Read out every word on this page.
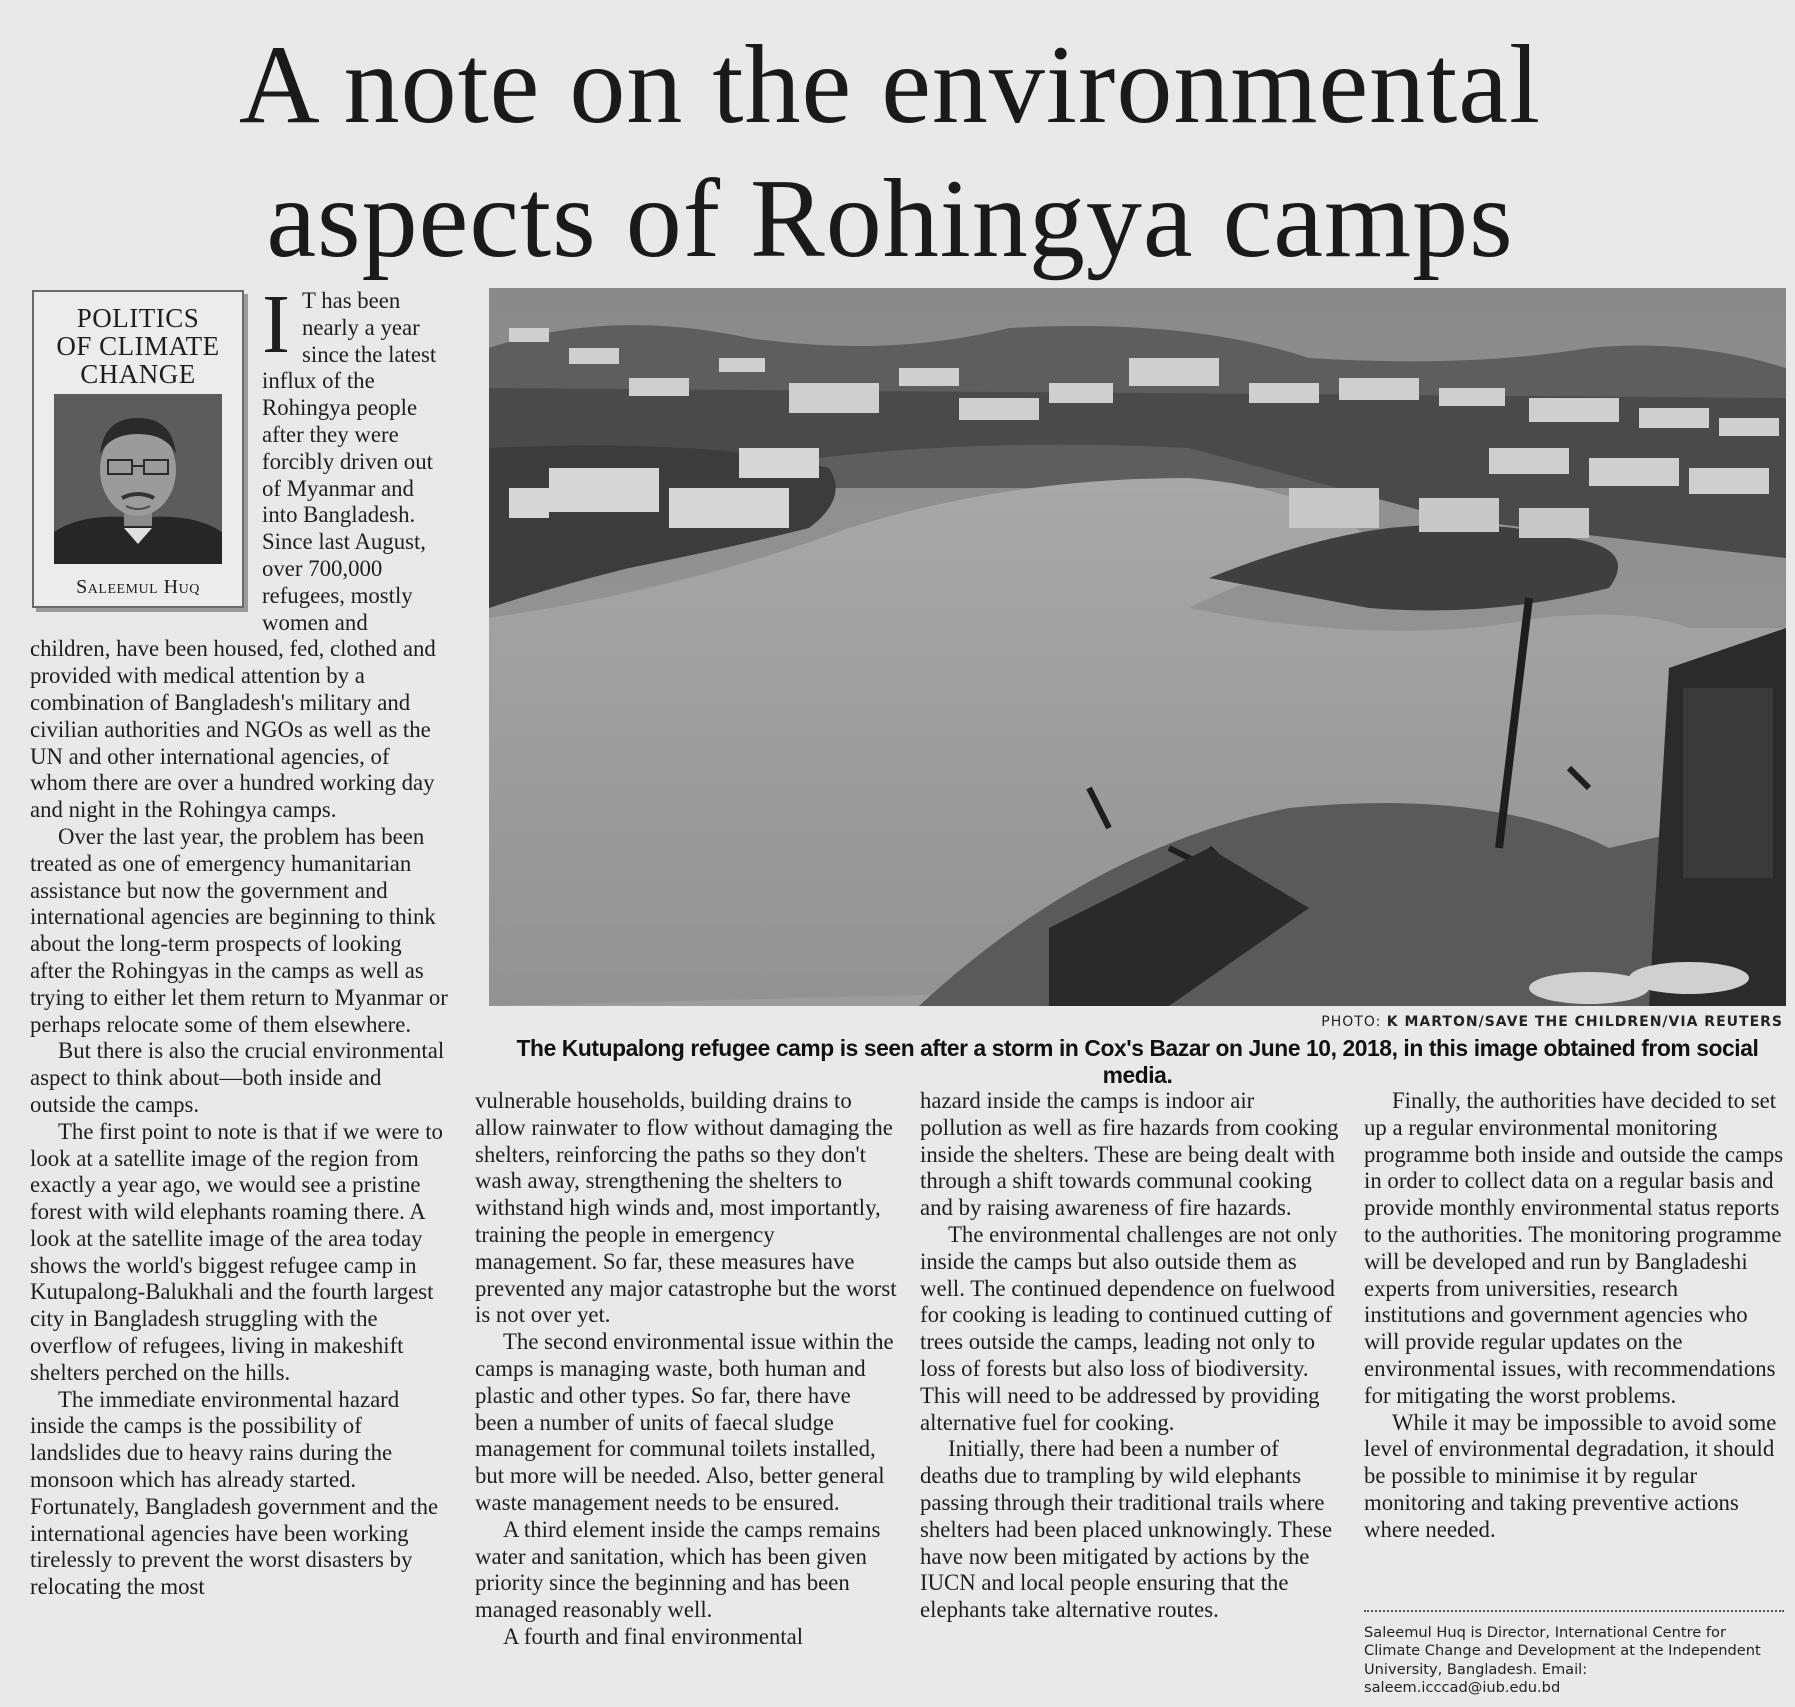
A note on the environmental
aspects of Rohingya camps
POLITICS
OF CLIMATE
CHANGE
Saleemul Huq

I T has been nearly a year since the latest influx of the Rohingya people after they were forcibly driven out of Myanmar and into Bangladesh. Since last August, over 700,000 refugees, mostly women and children, have been housed, fed, clothed and provided with medical attention by a combination of Bangladesh's military and civilian authorities and NGOs as well as the UN and other international agencies, of whom there are over a hundred working day and night in the Rohingya camps.

Over the last year, the problem has been treated as one of emergency humanitarian assistance but now the government and international agencies are beginning to think about the long-term prospects of looking after the Rohingyas in the camps as well as trying to either let them return to Myanmar or perhaps relocate some of them elsewhere.

But there is also the crucial environmental aspect to think about—both inside and outside the camps.

The first point to note is that if we were to look at a satellite image of the region from exactly a year ago, we would see a pristine forest with wild elephants roaming there. A look at the satellite image of the area today shows the world's biggest refugee camp in Kutupalong-Balukhali and the fourth largest city in Bangladesh struggling with the overflow of refugees, living in makeshift shelters perched on the hills.

The immediate environmental hazard inside the camps is the possibility of landslides due to heavy rains during the monsoon which has already started. Fortunately, Bangladesh government and the international agencies have been working tirelessly to prevent the worst disasters by relocating the most

PHOTO: K MARTON/SAVE THE CHILDREN/VIA REUTERS
The Kutupalong refugee camp is seen after a storm in Cox's Bazar on June 10, 2018, in this image obtained from social media.

vulnerable households, building drains to allow rainwater to flow without damaging the shelters, reinforcing the paths so they don't wash away, strengthening the shelters to withstand high winds and, most importantly, training the people in emergency management. So far, these measures have prevented any major catastrophe but the worst is not over yet.

The second environmental issue within the camps is managing waste, both human and plastic and other types. So far, there have been a number of units of faecal sludge management for communal toilets installed, but more will be needed. Also, better general waste management needs to be ensured.

A third element inside the camps remains water and sanitation, which has been given priority since the beginning and has been managed reasonably well.

A fourth and final environmental

hazard inside the camps is indoor air pollution as well as fire hazards from cooking inside the shelters. These are being dealt with through a shift towards communal cooking and by raising awareness of fire hazards.

The environmental challenges are not only inside the camps but also outside them as well. The continued dependence on fuelwood for cooking is leading to continued cutting of trees outside the camps, leading not only to loss of forests but also loss of biodiversity. This will need to be addressed by providing alternative fuel for cooking.

Initially, there had been a number of deaths due to trampling by wild elephants passing through their traditional trails where shelters had been placed unknowingly. These have now been mitigated by actions by the IUCN and local people ensuring that the elephants take alternative routes.

Finally, the authorities have decided to set up a regular environmental monitoring programme both inside and outside the camps in order to collect data on a regular basis and provide monthly environmental status reports to the authorities. The monitoring programme will be developed and run by Bangladeshi experts from universities, research institutions and government agencies who will provide regular updates on the environmental issues, with recommendations for mitigating the worst problems.

While it may be impossible to avoid some level of environmental degradation, it should be possible to minimise it by regular monitoring and taking preventive actions where needed.

Saleemul Huq is Director, International Centre for Climate Change and Development at the Independent University, Bangladesh. Email:
saleem.icccad@iub.edu.bd
